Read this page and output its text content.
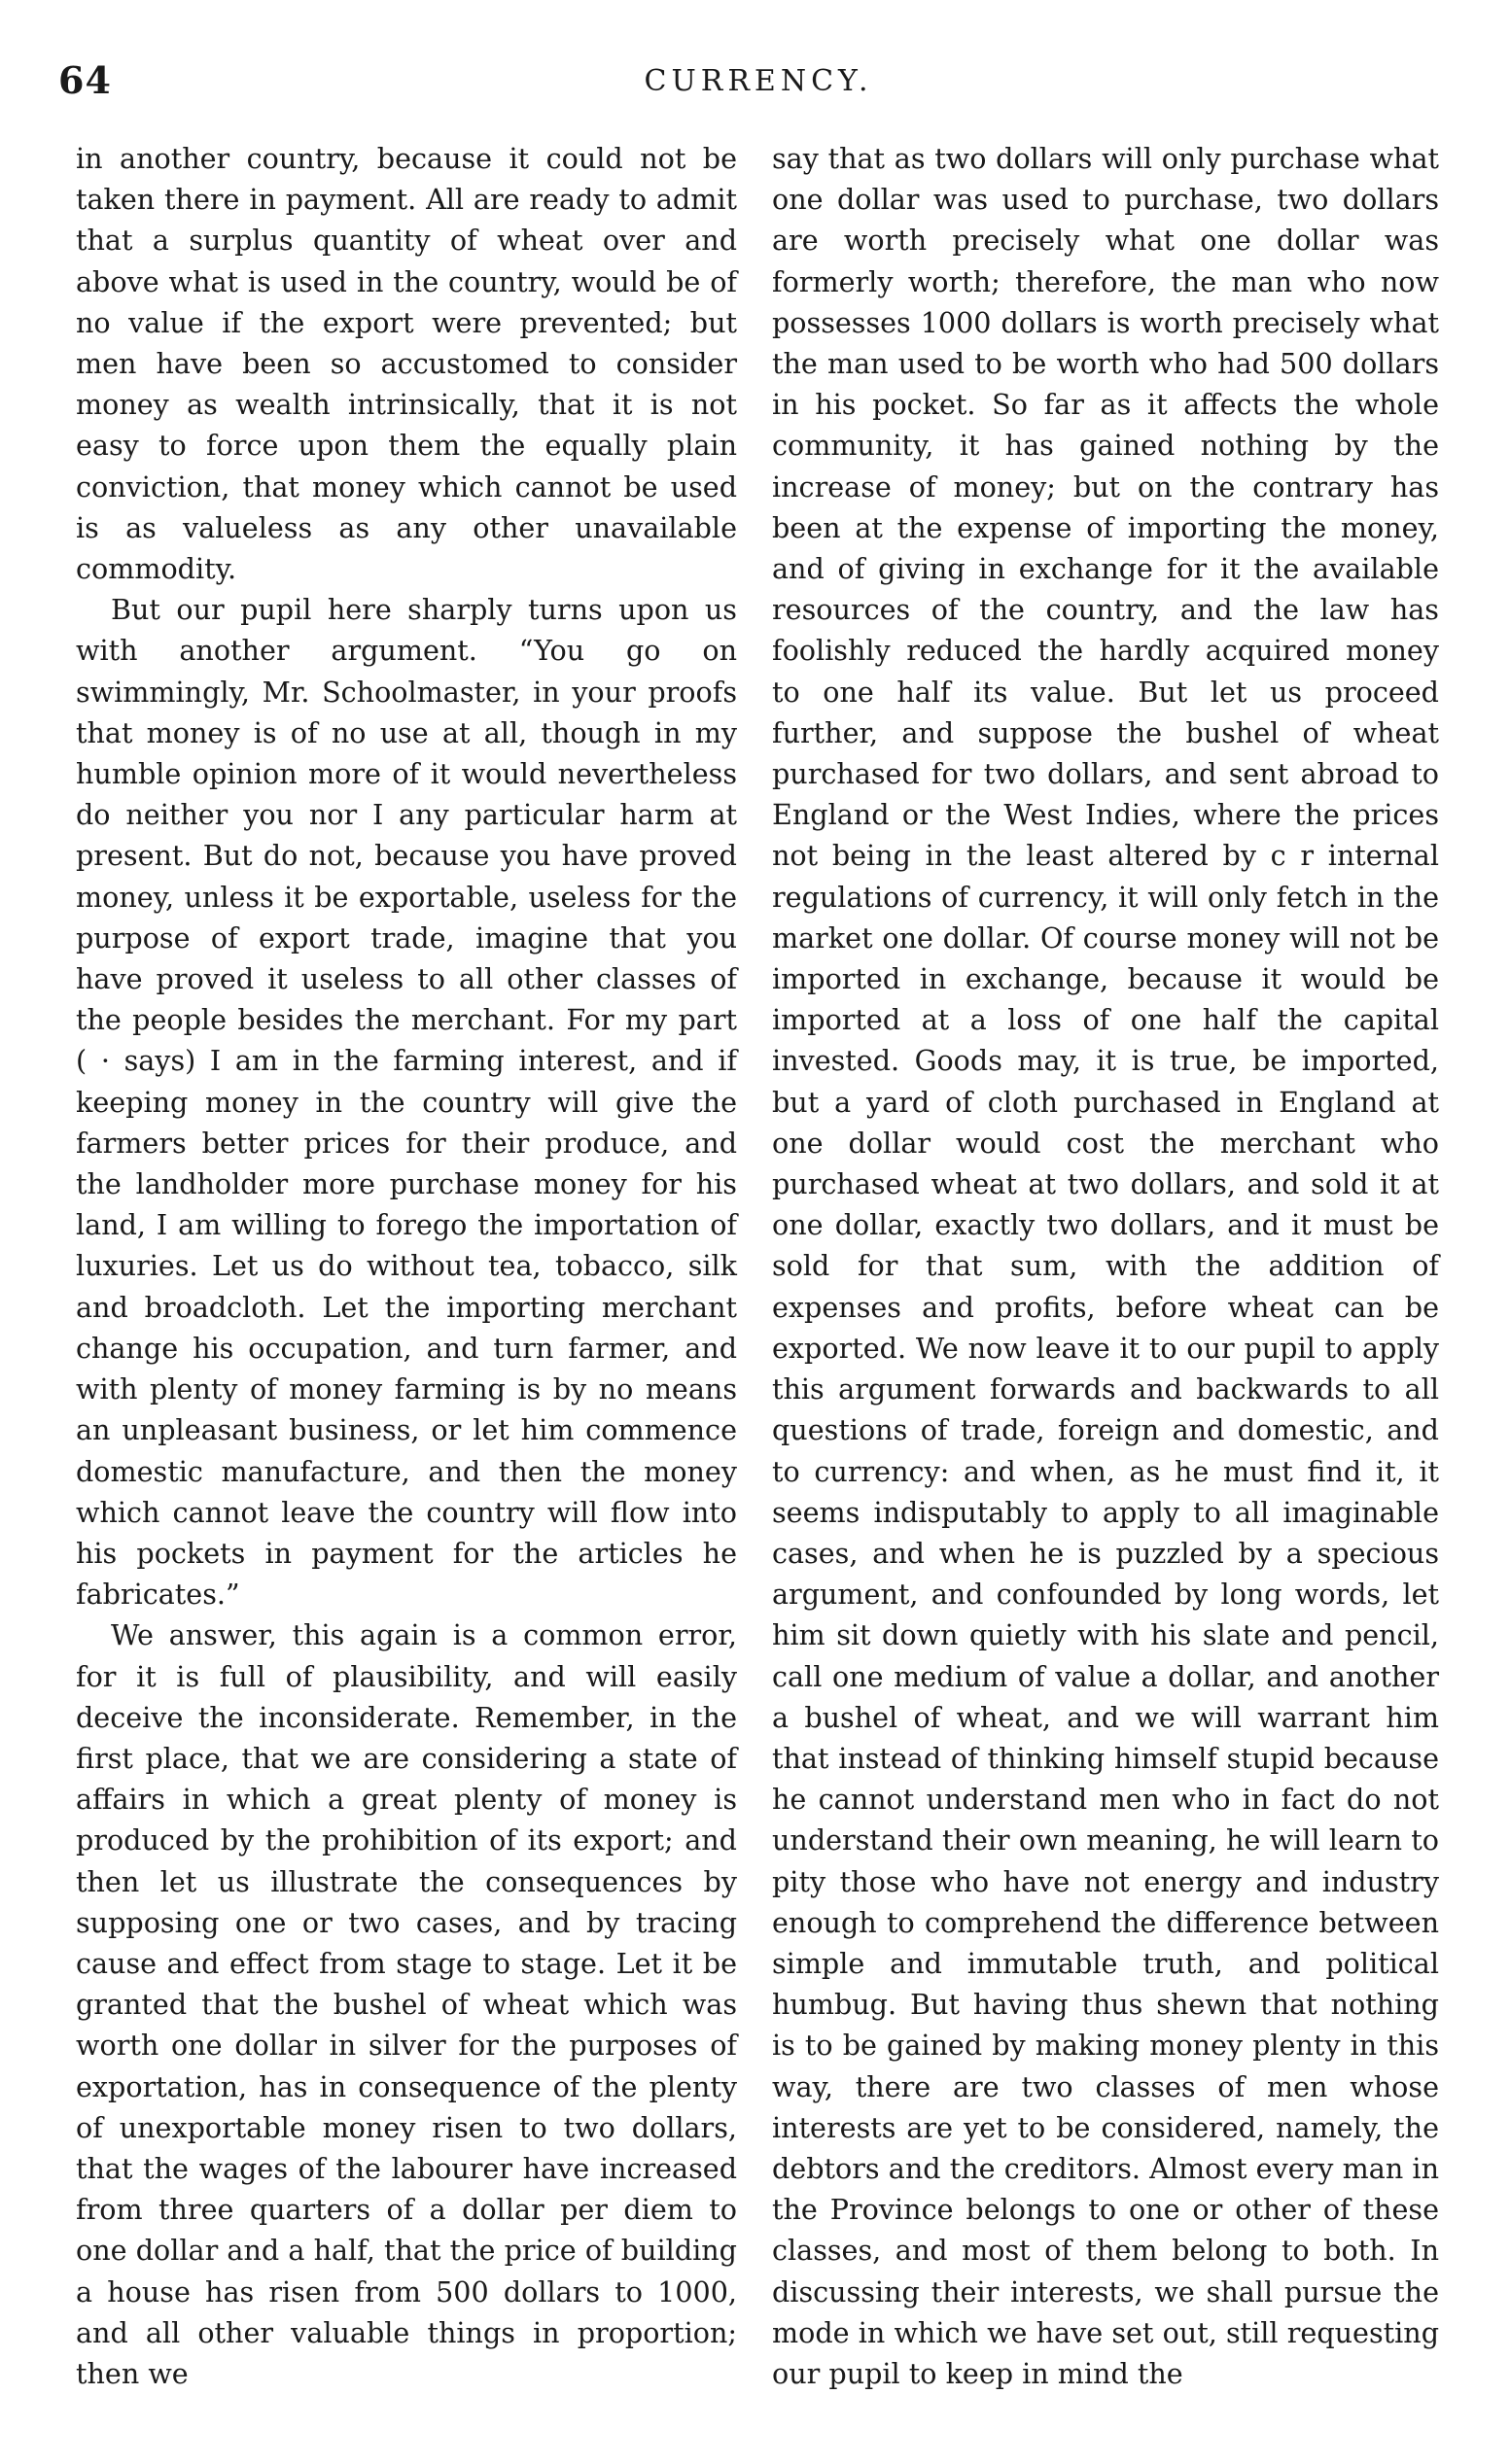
64	CURRENCY.

in another country, because it could not be taken there in payment. All are ready to admit that a surplus quantity of wheat over and above what is used in the country, would be of no value if the export were prevented; but men have been so accustomed to consider money as wealth intrinsically, that it is not easy to force upon them the equally plain conviction, that money which cannot be used is as valueless as any other unavailable commodity.

But our pupil here sharply turns upon us with another argument. “You go on swimmingly, Mr. Schoolmaster, in your proofs that money is of no use at all, though in my humble opinion more of it would nevertheless do neither you nor I any particular harm at present. But do not, because you have proved money, unless it be exportable, useless for the purpose of export trade, imagine that you have proved it useless to all other classes of the people besides the merchant. For my part ( · says) I am in the farming interest, and if keeping money in the country will give the farmers better prices for their produce, and the landholder more purchase money for his land, I am willing to forego the importation of luxuries. Let us do without tea, tobacco, silk and broadcloth. Let the importing merchant change his occupation, and turn farmer, and with plenty of money farming is by no means an unpleasant business, or let him commence domestic manufacture, and then the money which cannot leave the country will flow into his pockets in payment for the articles he fabricates.”

We answer, this again is a common error, for it is full of plausibility, and will easily deceive the inconsiderate. Remember, in the first place, that we are considering a state of affairs in which a great plenty of money is produced by the prohibition of its export; and then let us illustrate the consequences by supposing one or two cases, and by tracing cause and effect from stage to stage. Let it be granted that the bushel of wheat which was worth one dollar in silver for the purposes of exportation, has in consequence of the plenty of unexportable money risen to two dollars, that the wages of the labourer have increased from three quarters of a dollar per diem to one dollar and a half, that the price of building a house has risen from 500 dollars to 1000, and all other valuable things in proportion; then we

say that as two dollars will only purchase what one dollar was used to purchase, two dollars are worth precisely what one dollar was formerly worth; therefore, the man who now possesses 1000 dollars is worth precisely what the man used to be worth who had 500 dollars in his pocket. So far as it affects the whole community, it has gained nothing by the increase of money; but on the contrary has been at the expense of importing the money, and of giving in exchange for it the available resources of the country, and the law has foolishly reduced the hardly acquired money to one half its value. But let us proceed further, and suppose the bushel of wheat purchased for two dollars, and sent abroad to England or the West Indies, where the prices not being in the least altered by c r internal regulations of currency, it will only fetch in the market one dollar. Of course money will not be imported in exchange, because it would be imported at a loss of one half the capital invested. Goods may, it is true, be imported, but a yard of cloth purchased in England at one dollar would cost the merchant who purchased wheat at two dollars, and sold it at one dollar, exactly two dollars, and it must be sold for that sum, with the addition of expenses and profits, before wheat can be exported. We now leave it to our pupil to apply this argument forwards and backwards to all questions of trade, foreign and domestic, and to currency: and when, as he must find it, it seems indisputably to apply to all imaginable cases, and when he is puzzled by a specious argument, and confounded by long words, let him sit down quietly with his slate and pencil, call one medium of value a dollar, and another a bushel of wheat, and we will warrant him that instead of thinking himself stupid because he cannot understand men who in fact do not understand their own meaning, he will learn to pity those who have not energy and industry enough to comprehend the difference between simple and immutable truth, and political humbug. But having thus shewn that nothing is to be gained by making money plenty in this way, there are two classes of men whose interests are yet to be considered, namely, the debtors and the creditors. Almost every man in the Province belongs to one or other of these classes, and most of them belong to both. In discussing their interests, we shall pursue the mode in which we have set out, still requesting our pupil to keep in mind the
